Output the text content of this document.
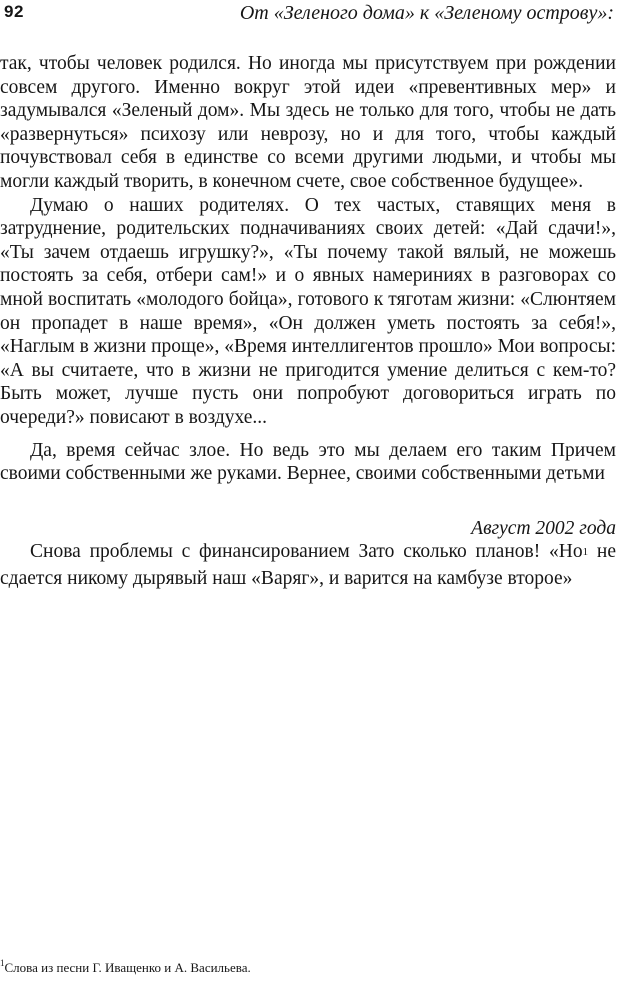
92	От «Зеленого дома» к «Зеленому острову»:

так, чтобы человек родился. Но иногда мы присутствуем при рождении совсем другого. Именно вокруг этой идеи «превентивных мер» и задумывался «Зеленый дом». Мы здесь не только для того, чтобы не дать «развернуться» психозу или неврозу, но и для того, чтобы каждый почувствовал себя в единстве со всеми другими людьми, и чтобы мы могли каждый творить, в конечном счете, свое собственное будущее».

Думаю о наших родителях. О тех частых, ставящих меня в затруднение, родительских подначиваниях своих детей: «Дай сдачи!», «Ты зачем отдаешь игрушку?», «Ты почему такой вялый, не можешь постоять за себя, отбери сам!» и о явных намериниях в разговорах со мной воспитать «молодого бойца», готового к тяготам жизни: «Слюнтяем он пропадет в наше время», «Он должен уметь постоять за себя!», «Наглым в жизни проще», «Время интеллигентов прошло» Мои вопросы: «А вы считаете, что в жизни не пригодится умение делиться с кем-то? Быть может, лучше пусть они попробуют договориться играть по очереди?» повисают в воздухе...

Да, время сейчас злое. Но ведь это мы делаем его таким Причем своими собственными же руками. Вернее, своими собственными детьми

Август 2002 года

Снова проблемы с финансированием Зато сколько планов! «Но1 не сдается никому дырявый наш «Варяг», и варится на камбузе второе»

$^1$Слова из песни Г. Иващенко и А. Васильева.
